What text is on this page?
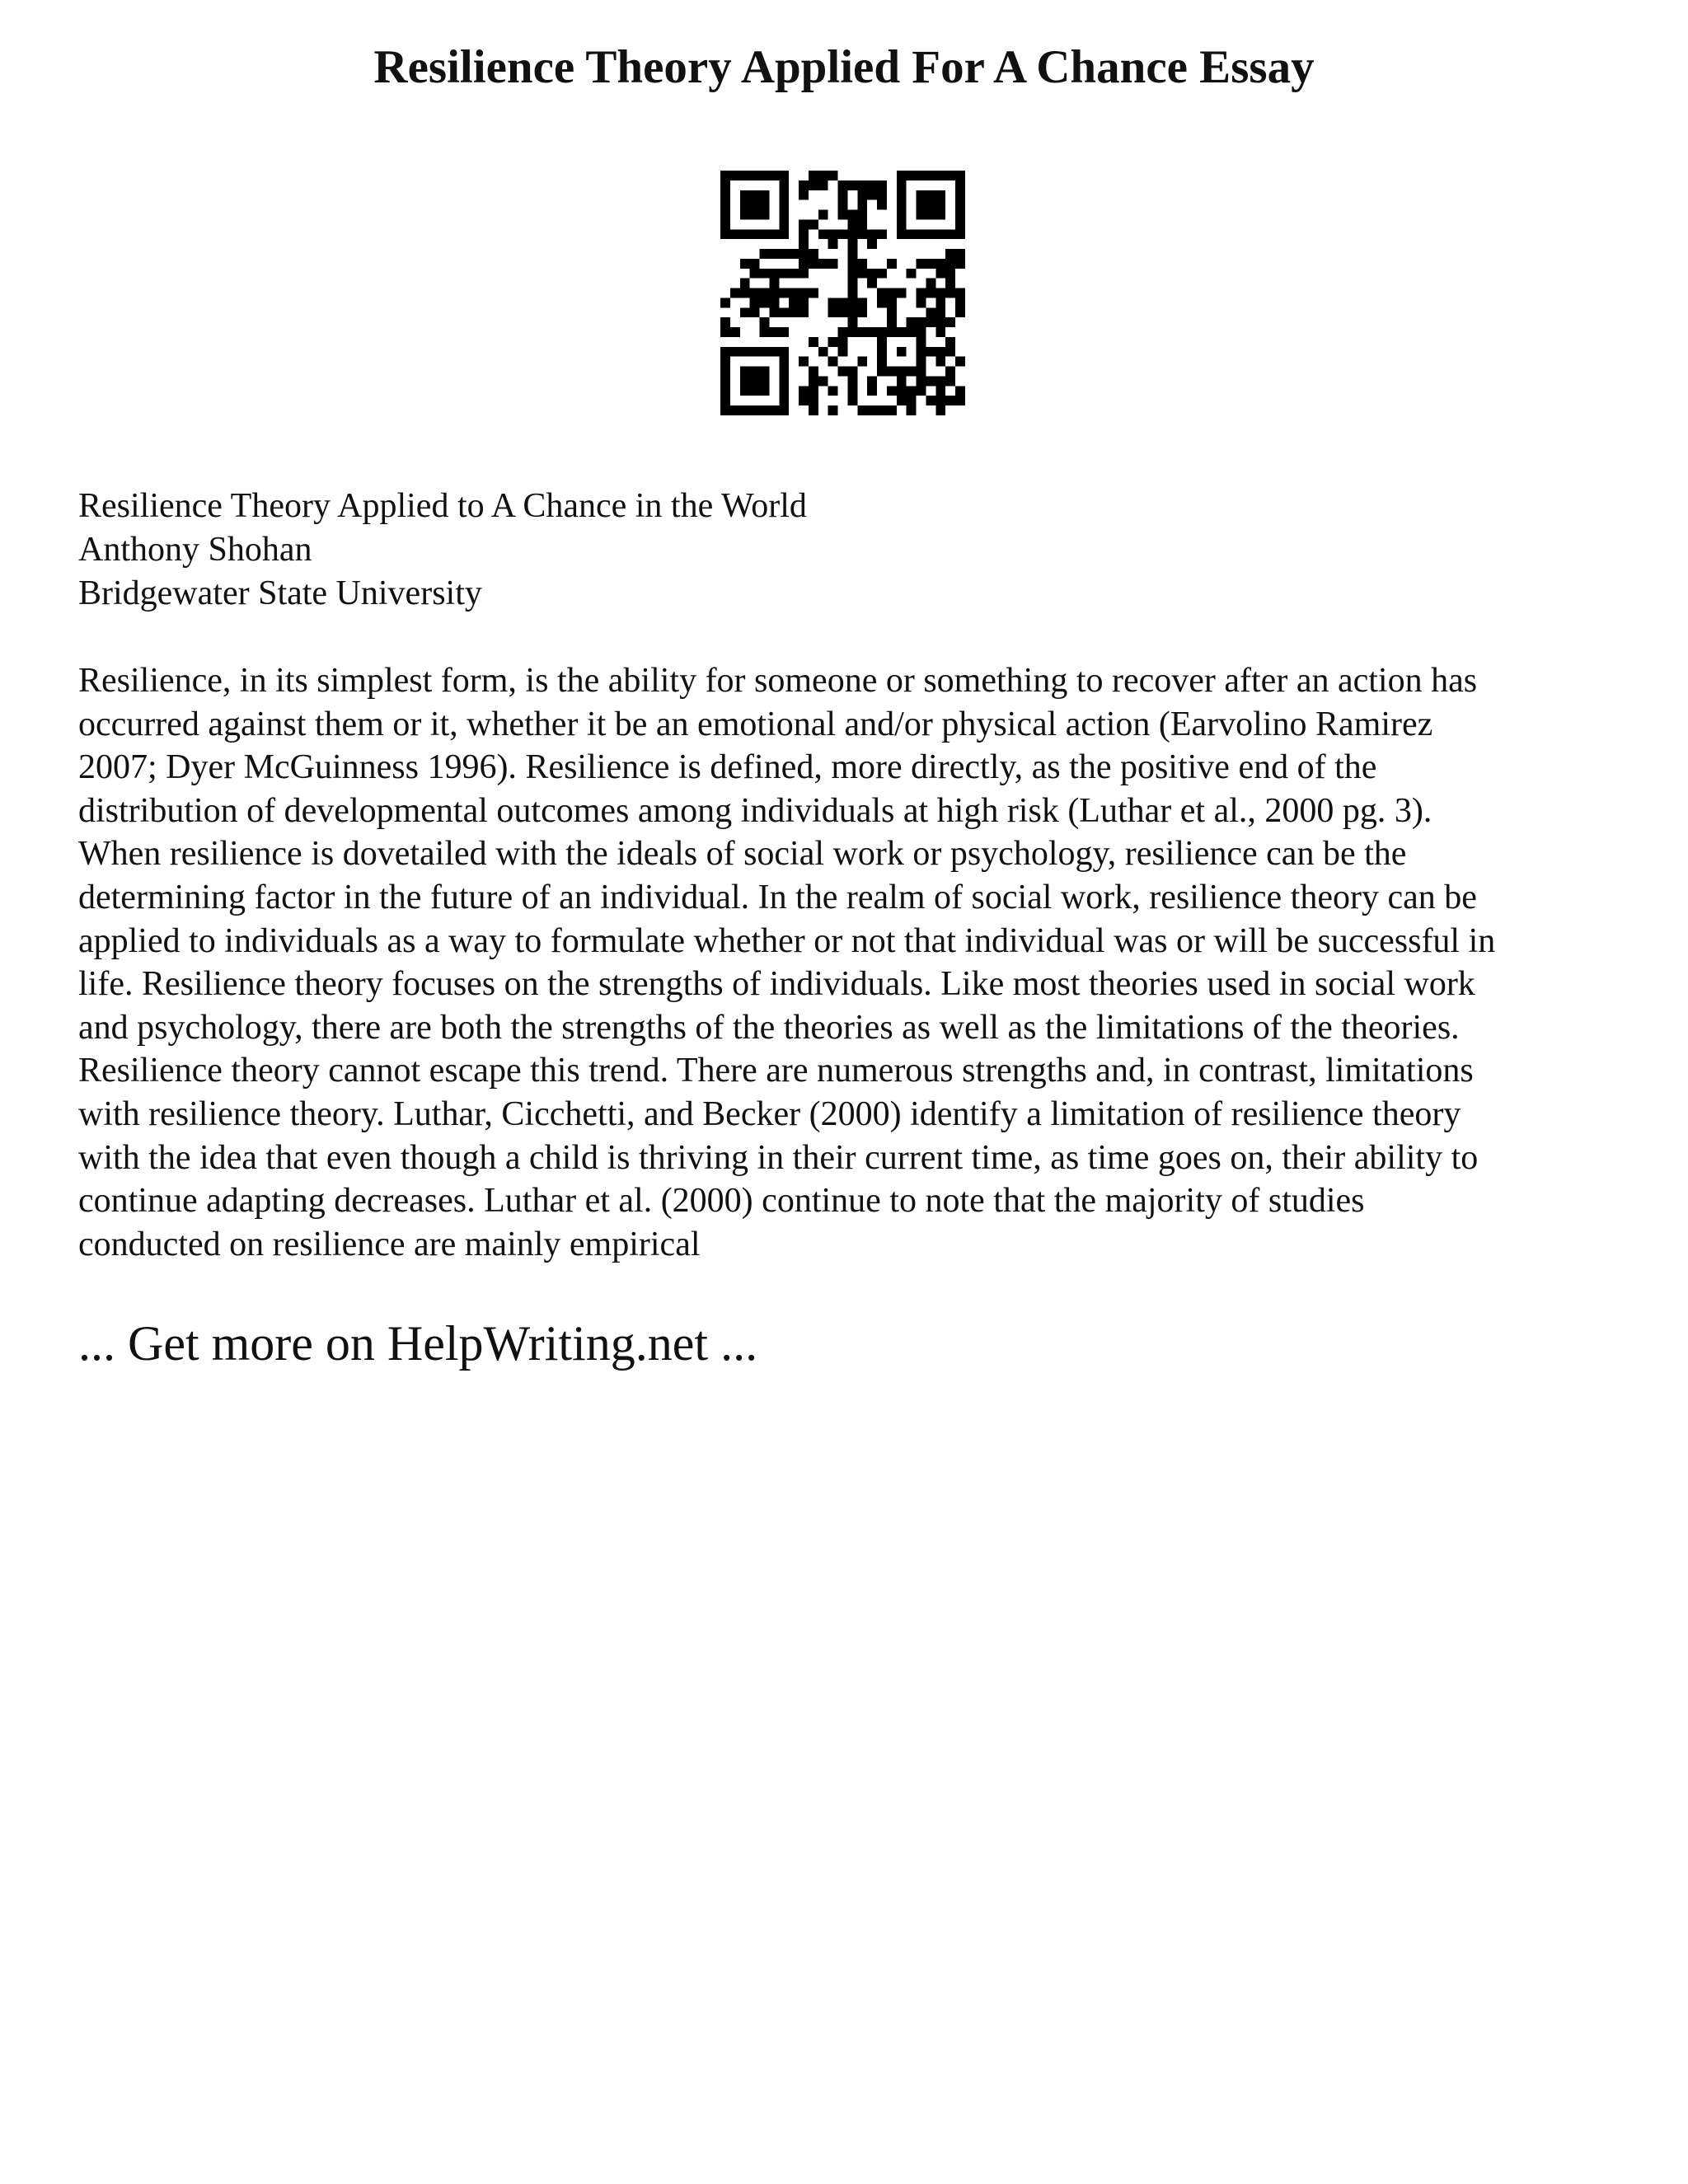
Resilience Theory Applied For A Chance Essay
Resilience Theory Applied to A Chance in the World
Anthony Shohan
Bridgewater State University

Resilience, in its simplest form, is the ability for someone or something to recover after an action has
occurred against them or it, whether it be an emotional and/or physical action (Earvolino Ramirez
2007; Dyer McGuinness 1996). Resilience is defined, more directly, as the positive end of the
distribution of developmental outcomes among individuals at high risk (Luthar et al., 2000 pg. 3).
When resilience is dovetailed with the ideals of social work or psychology, resilience can be the
determining factor in the future of an individual. In the realm of social work, resilience theory can be
applied to individuals as a way to formulate whether or not that individual was or will be successful in
life. Resilience theory focuses on the strengths of individuals. Like most theories used in social work
and psychology, there are both the strengths of the theories as well as the limitations of the theories.
Resilience theory cannot escape this trend. There are numerous strengths and, in contrast, limitations
with resilience theory. Luthar, Cicchetti, and Becker (2000) identify a limitation of resilience theory
with the idea that even though a child is thriving in their current time, as time goes on, their ability to
continue adapting decreases. Luthar et al. (2000) continue to note that the majority of studies
conducted on resilience are mainly empirical

... Get more on HelpWriting.net ...
